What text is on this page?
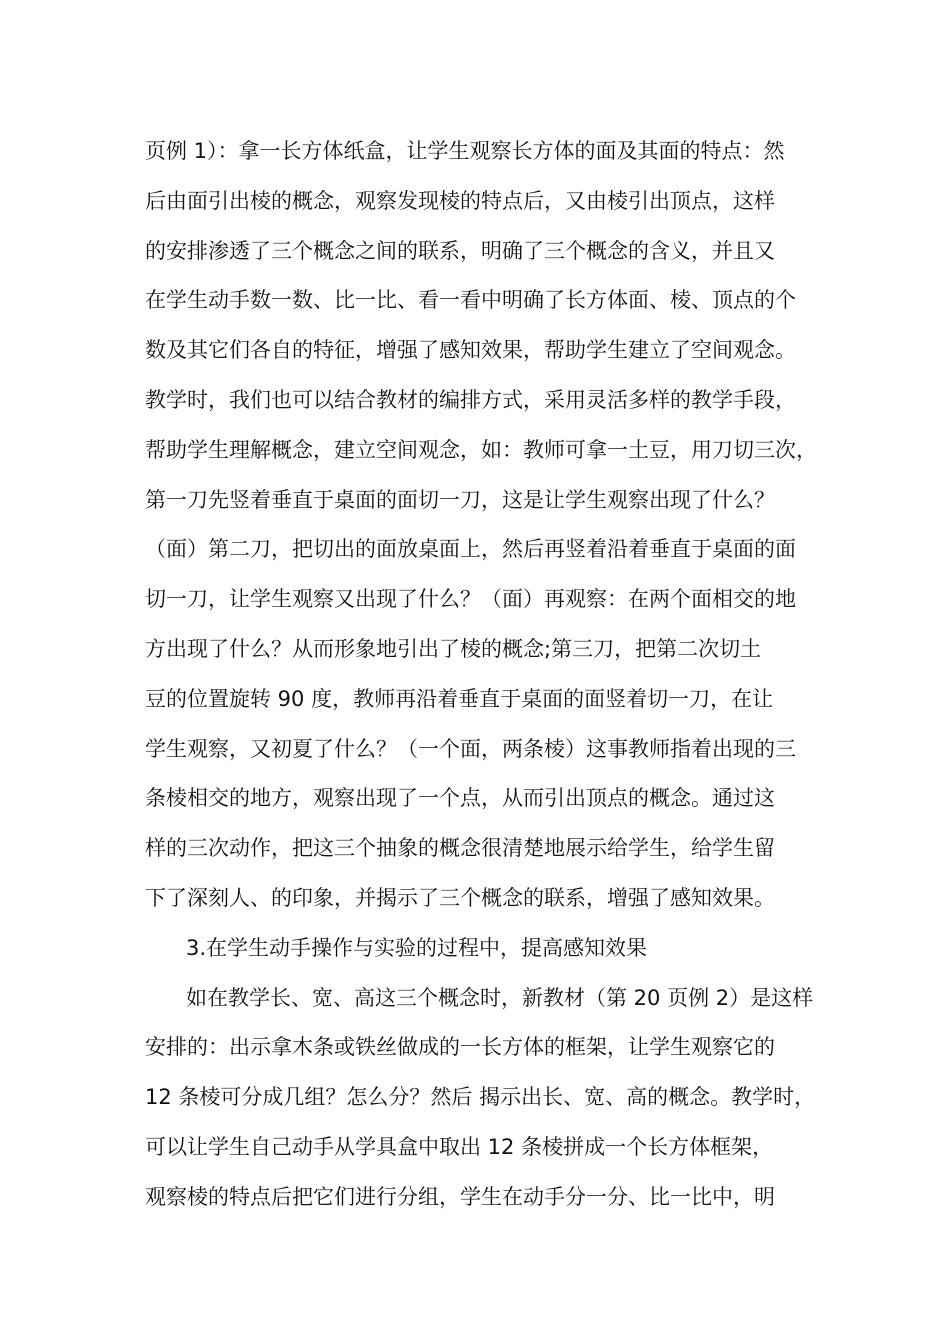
页例 1）：拿一长方体纸盒，让学生观察长方体的面及其面的特点：然
后由面引出棱的概念，观察发现棱的特点后，又由棱引出顶点，这样
的安排渗透了三个概念之间的联系，明确了三个概念的含义，并且又
在学生动手数一数、比一比、看一看中明确了长方体面、棱、顶点的个
数及其它们各自的特征，增强了感知效果，帮助学生建立了空间观念。
教学时，我们也可以结合教材的编排方式，采用灵活多样的教学手段，
帮助学生理解概念，建立空间观念，如：教师可拿一土豆，用刀切三次，
第一刀先竖着垂直于桌面的面切一刀，这是让学生观察出现了什么？
（面）第二刀，把切出的面放桌面上，然后再竖着沿着垂直于桌面的面
切一刀，让学生观察又出现了什么？（面）再观察：在两个面相交的地
方出现了什么？从而形象地引出了棱的概念;第三刀，把第二次切土
豆的位置旋转 90 度，教师再沿着垂直于桌面的面竖着切一刀，在让
学生观察，又初夏了什么？（一个面，两条棱）这事教师指着出现的三
条棱相交的地方，观察出现了一个点，从而引出顶点的概念。通过这
样的三次动作，把这三个抽象的概念很清楚地展示给学生，给学生留
下了深刻人、的印象，并揭示了三个概念的联系，增强了感知效果。
3.在学生动手操作与实验的过程中，提高感知效果
如在教学长、宽、高这三个概念时，新教材（第 20 页例 2）是这样
安排的：出示拿木条或铁丝做成的一长方体的框架，让学生观察它的
12 条棱可分成几组？怎么分？然后 揭示出长、宽、高的概念。教学时，
可以让学生自己动手从学具盒中取出 12 条棱拼成一个长方体框架，
观察棱的特点后把它们进行分组，学生在动手分一分、比一比中，明
